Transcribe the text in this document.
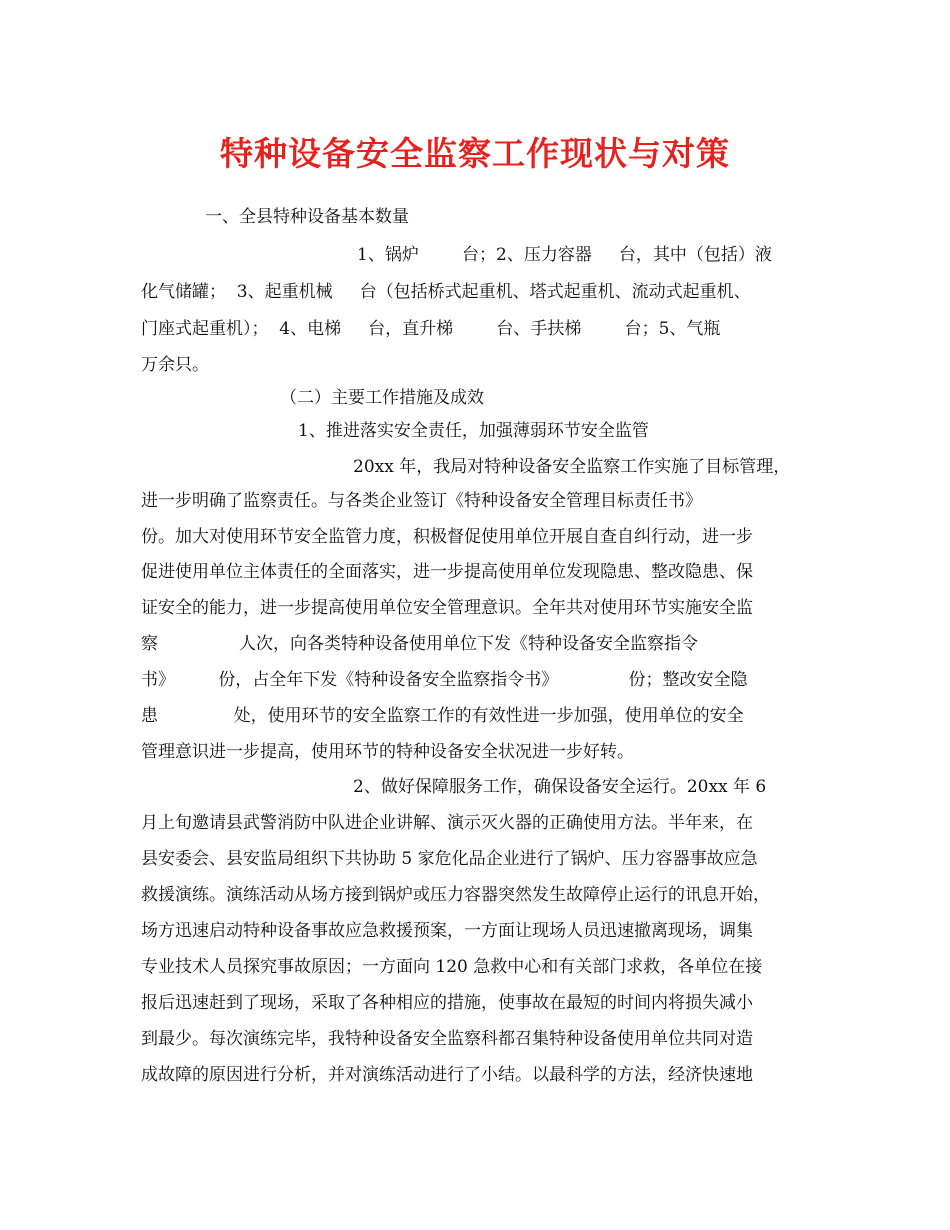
特种设备安全监察工作现状与对策

一、全县特种设备基本数量

1、锅炉        台；2、压力容器     台，其中（包括）液

化气储罐；  3、起重机械     台（包括桥式起重机、塔式起重机、流动式起重机、

门座式起重机）；  4、电梯     台，直升梯        台、手扶梯        台；5、气瓶

万余只。

（二）主要工作措施及成效

1、推进落实安全责任，加强薄弱环节安全监管

20xx 年，我局对特种设备安全监察工作实施了目标管理，

进一步明确了监察责任。与各类企业签订《特种设备安全管理目标责任书》

份。加大对使用环节安全监管力度，积极督促使用单位开展自查自纠行动，进一步

促进使用单位主体责任的全面落实，进一步提高使用单位发现隐患、整改隐患、保

证安全的能力，进一步提高使用单位安全管理意识。全年共对使用环节实施安全监

察               人次，向各类特种设备使用单位下发《特种设备安全监察指令

书》        份，占全年下发《特种设备安全监察指令书》             份；整改安全隐

患              处，使用环节的安全监察工作的有效性进一步加强，使用单位的安全

管理意识进一步提高，使用环节的特种设备安全状况进一步好转。

2、做好保障服务工作，确保设备安全运行。20xx 年 6

月上旬邀请县武警消防中队进企业讲解、演示灭火器的正确使用方法。半年来，在

县安委会、县安监局组织下共协助 5 家危化品企业进行了锅炉、压力容器事故应急

救援演练。演练活动从场方接到锅炉或压力容器突然发生故障停止运行的讯息开始，

场方迅速启动特种设备事故应急救援预案，一方面让现场人员迅速撤离现场，调集

专业技术人员探究事故原因；一方面向 120 急救中心和有关部门求救，各单位在接

报后迅速赶到了现场，采取了各种相应的措施，使事故在最短的时间内将损失减小

到最少。每次演练完毕，我特种设备安全监察科都召集特种设备使用单位共同对造

成故障的原因进行分析，并对演练活动进行了小结。以最科学的方法，经济快速地
